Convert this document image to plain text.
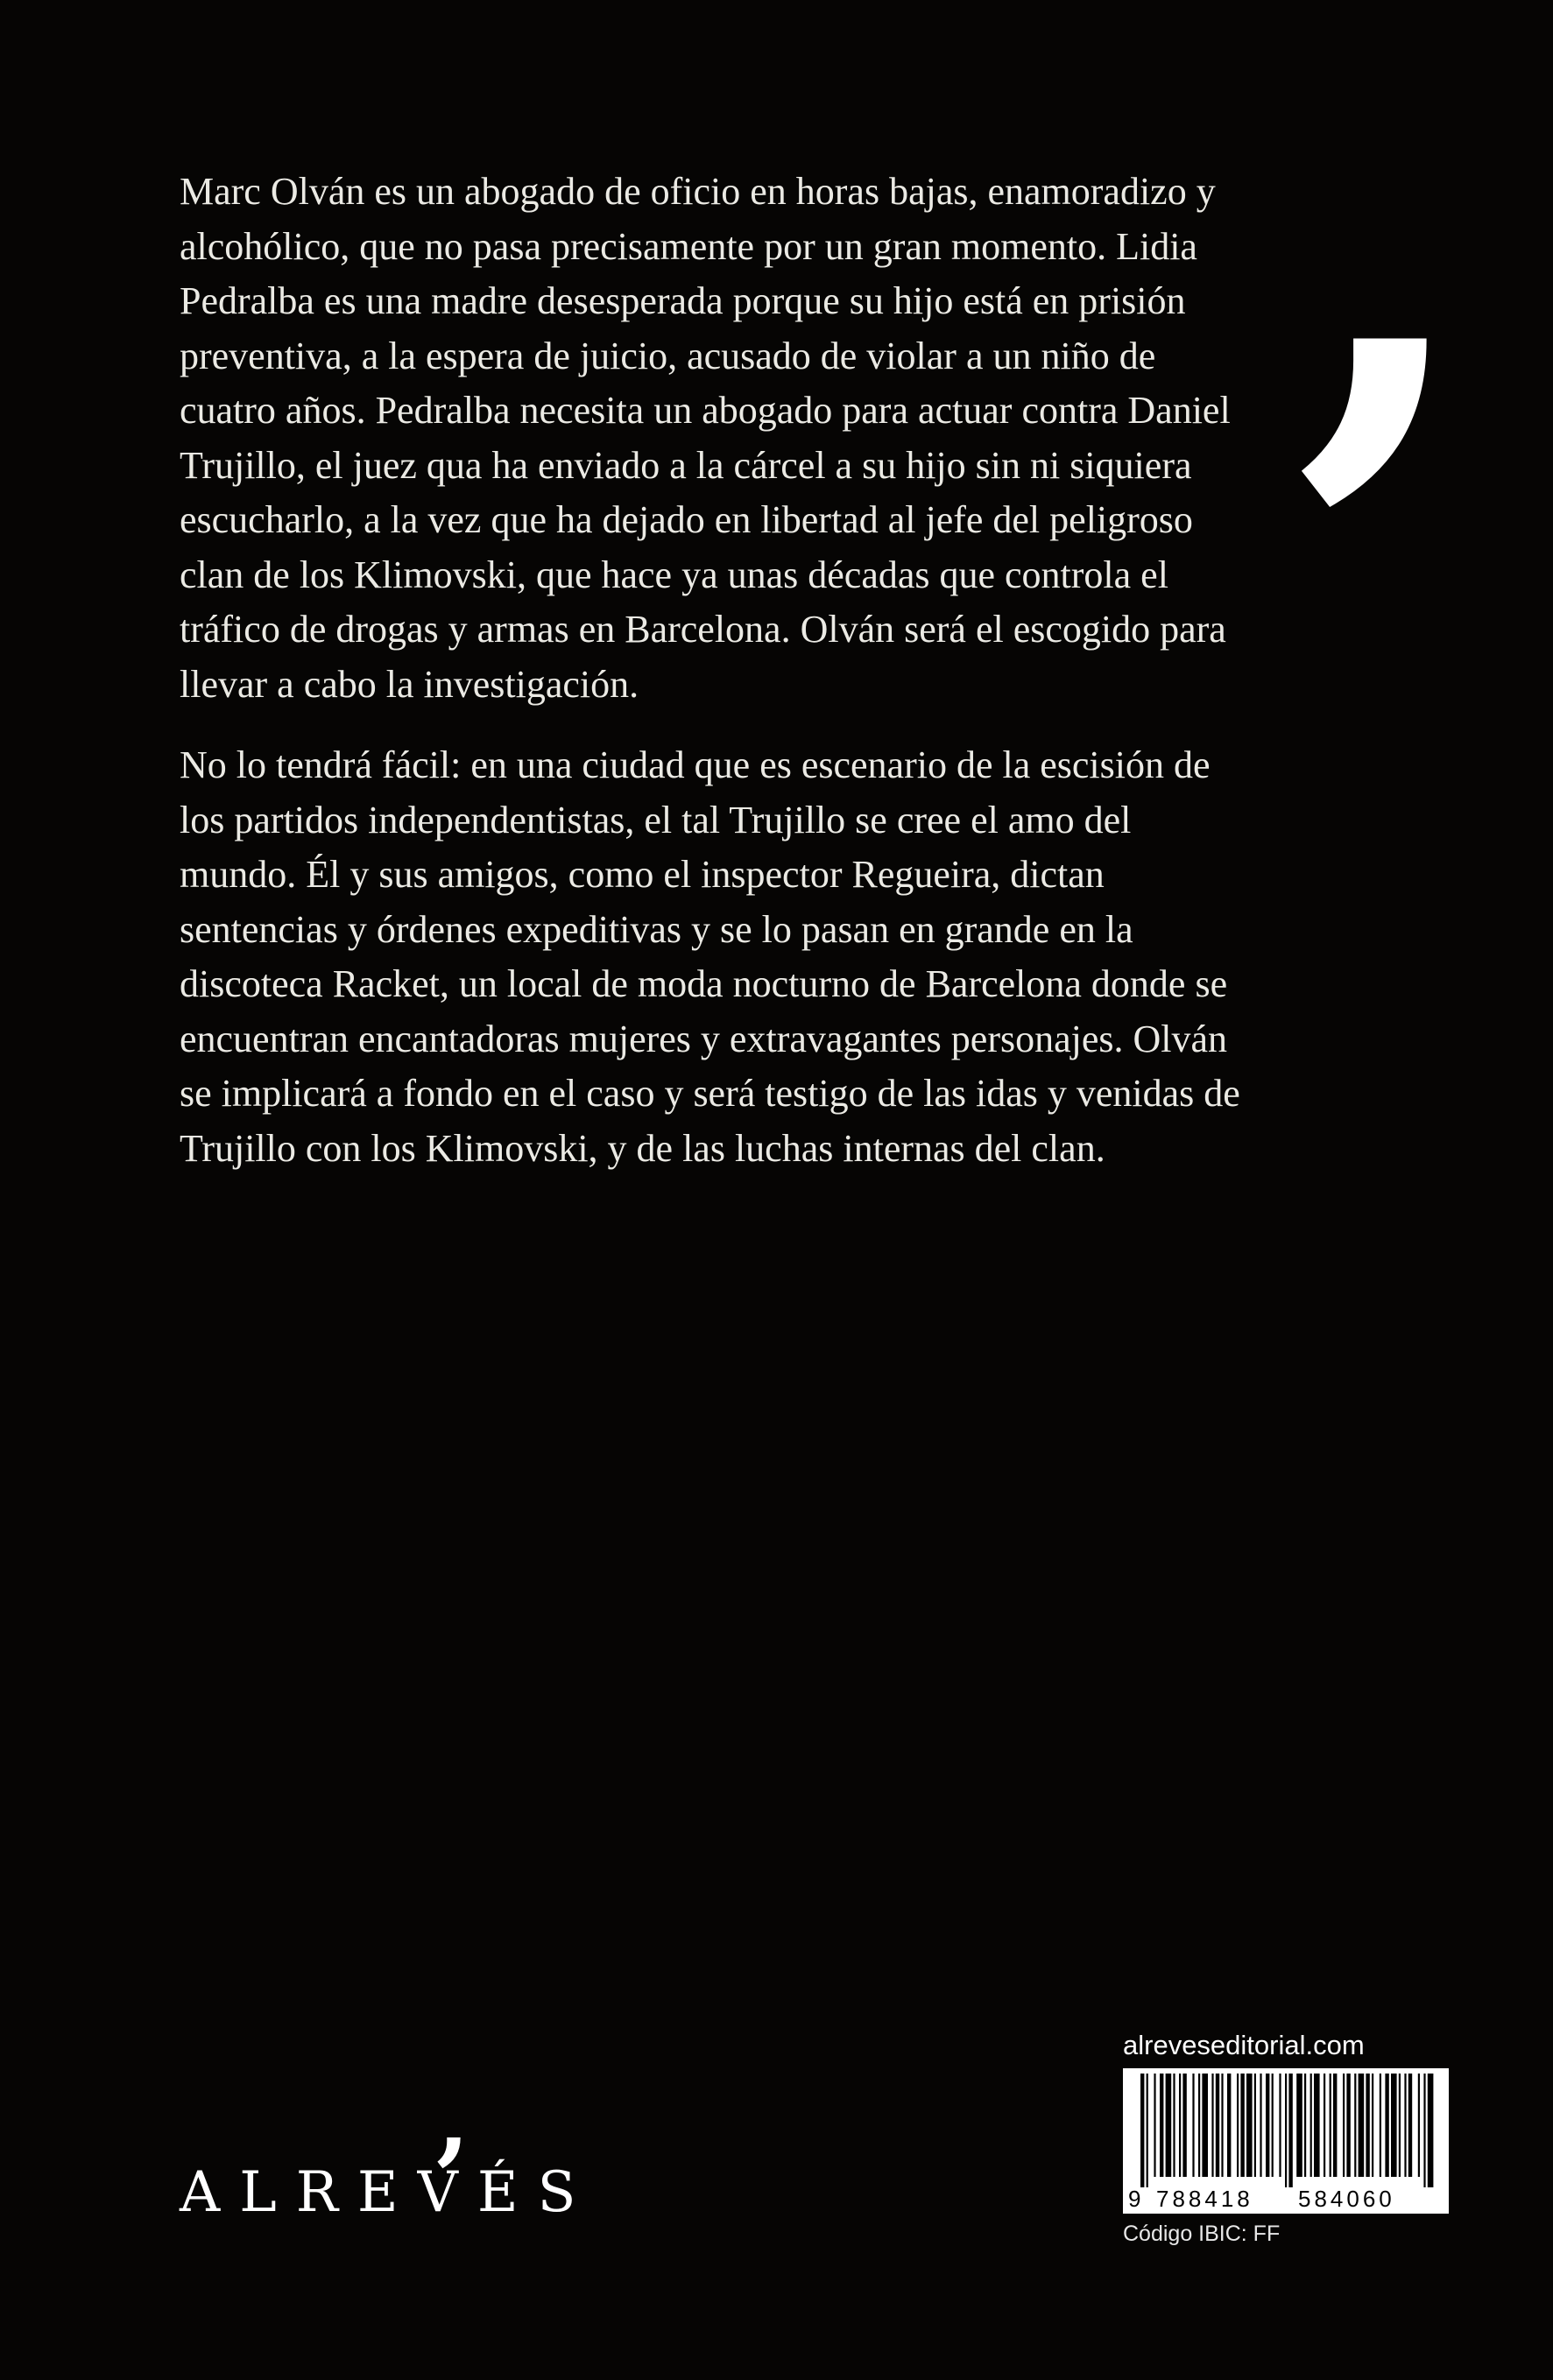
,

Marc Olván es un abogado de oficio en horas bajas, enamoradizo y alcohólico, que no pasa precisamente por un gran momento. Lidia Pedralba es una madre desesperada porque su hijo está en prisión preventiva, a la espera de juicio, acusado de violar a un niño de cuatro años. Pedralba necesita un abogado para actuar contra Daniel Trujillo, el juez qua ha enviado a la cárcel a su hijo sin ni siquiera escucharlo, a la vez que ha dejado en libertad al jefe del peligroso clan de los Klimovski, que hace ya unas décadas que controla el tráfico de drogas y armas en Barcelona. Olván será el escogido para llevar a cabo la investigación.

No lo tendrá fácil: en una ciudad que es escenario de la escisión de los partidos independentistas, el tal Trujillo se cree el amo del mundo. Él y sus amigos, como el inspector Regueira, dictan sentencias y órdenes expeditivas y se lo pasan en grande en la discoteca Racket, un local de moda nocturno de Barcelona donde se encuentran encantadoras mujeres y extravagantes personajes. Olván se implicará a fondo en el caso y será testigo de las idas y venidas de Trujillo con los Klimovski, y de las luchas internas del clan.

,
ALREVÉS
alreveseditorial.com
9 788418 584060
Código IBIC: FF
